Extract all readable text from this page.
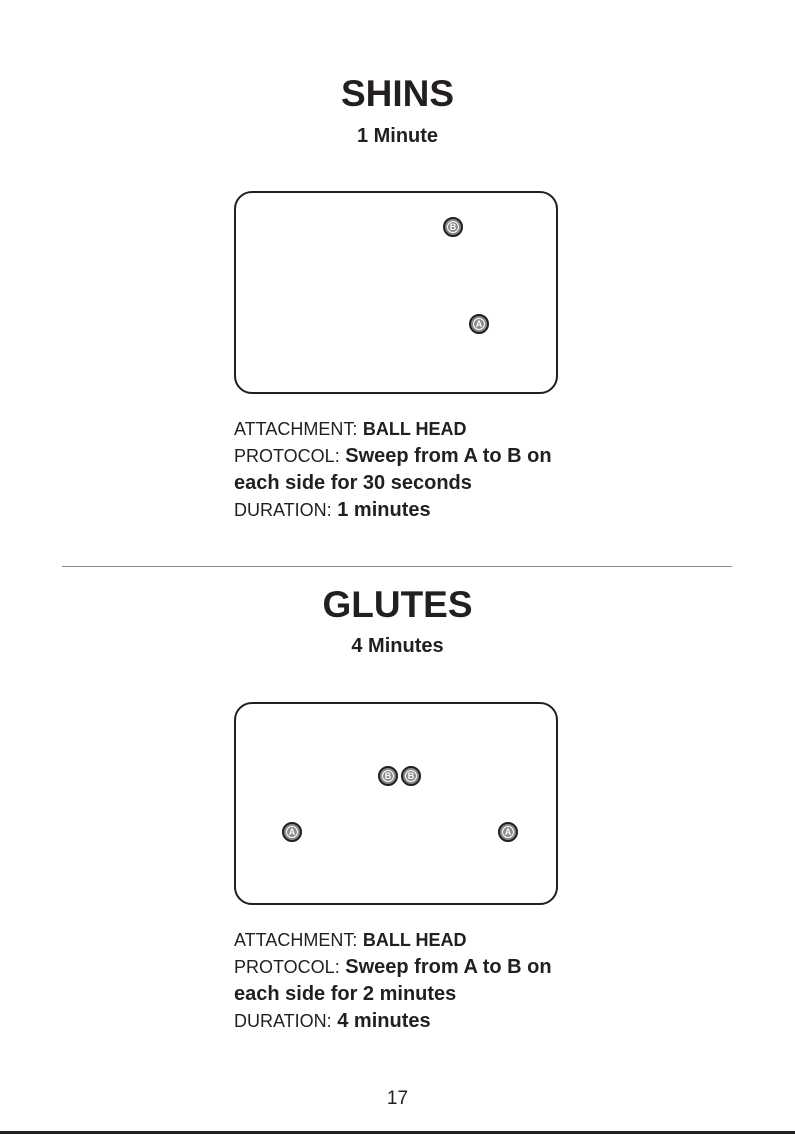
SHINS
1 Minute
B
A
ATTACHMENT: BALL HEAD
PROTOCOL: Sweep from A to B on
each side for 30 seconds
DURATION: 1 minutes
GLUTES
4 Minutes
B	B
A	A
ATTACHMENT: BALL HEAD
PROTOCOL: Sweep from A to B on
each side for 2 minutes
DURATION: 4 minutes
17
